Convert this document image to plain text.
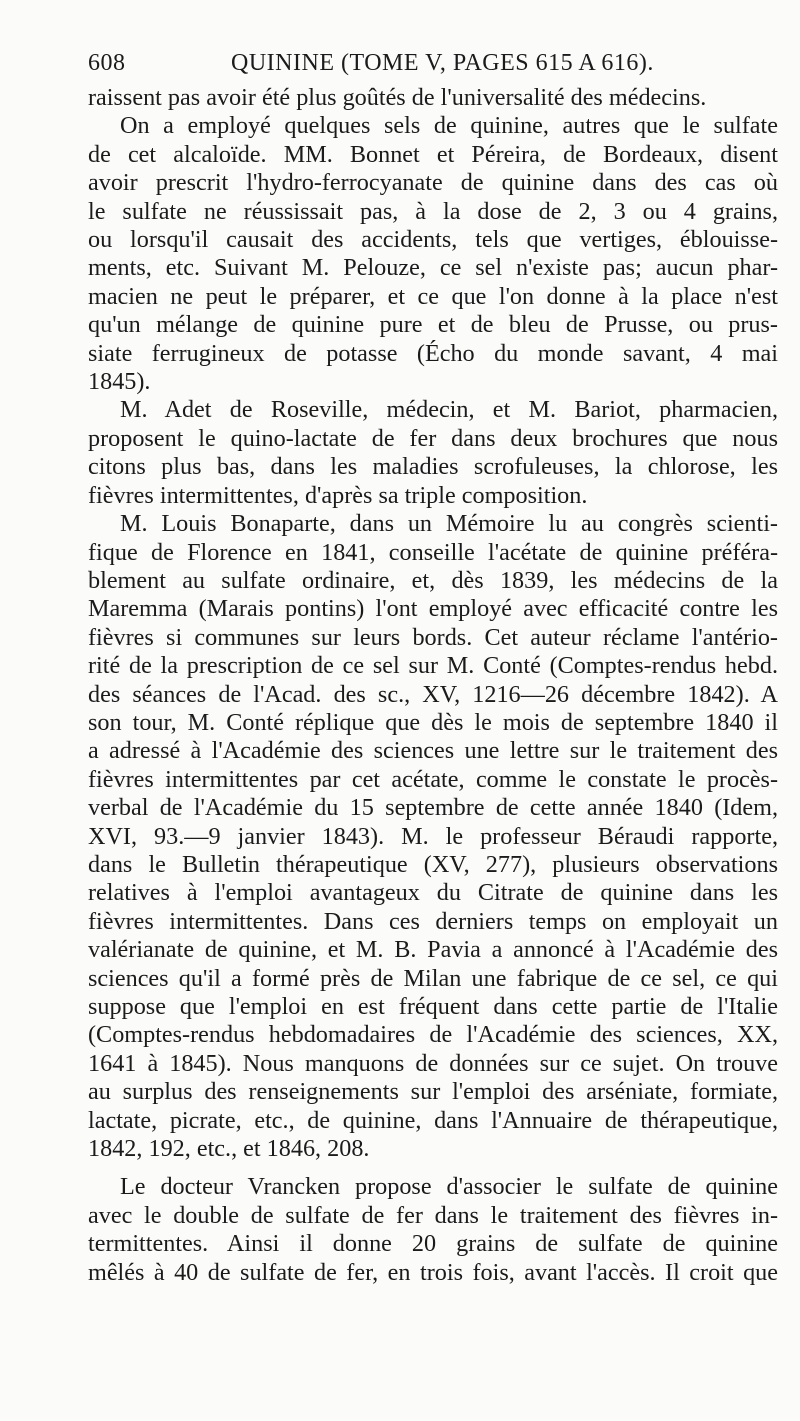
608	QUININE (TOME V, PAGES 615 A 616).

raissent pas avoir été plus goûtés de l'universalité des médecins.

On a employé quelques sels de quinine, autres que le sulfate
de cet alcaloïde. MM. Bonnet et Péreira, de Bordeaux, disent
avoir prescrit l'hydro-ferrocyanate de quinine dans des cas où
le sulfate ne réussissait pas, à la dose de 2, 3 ou 4 grains,
ou lorsqu'il causait des accidents, tels que vertiges, éblouisse-
ments, etc. Suivant M. Pelouze, ce sel n'existe pas; aucun phar-
macien ne peut le préparer, et ce que l'on donne à la place n'est
qu'un mélange de quinine pure et de bleu de Prusse, ou prus-
siate ferrugineux de potasse (Écho du monde savant, 4 mai
1845).

M. Adet de Roseville, médecin, et M. Bariot, pharmacien,
proposent le quino-lactate de fer dans deux brochures que nous
citons plus bas, dans les maladies scrofuleuses, la chlorose, les
fièvres intermittentes, d'après sa triple composition.

M. Louis Bonaparte, dans un Mémoire lu au congrès scienti-
fique de Florence en 1841, conseille l'acétate de quinine préféra-
blement au sulfate ordinaire, et, dès 1839, les médecins de la
Maremma (Marais pontins) l'ont employé avec efficacité contre les
fièvres si communes sur leurs bords. Cet auteur réclame l'antério-
rité de la prescription de ce sel sur M. Conté (Comptes-rendus hebd.
des séances de l'Acad. des sc., XV, 1216—26 décembre 1842). A
son tour, M. Conté réplique que dès le mois de septembre 1840 il
a adressé à l'Académie des sciences une lettre sur le traitement des
fièvres intermittentes par cet acétate, comme le constate le procès-
verbal de l'Académie du 15 septembre de cette année 1840 (Idem,
XVI, 93.—9 janvier 1843). M. le professeur Béraudi rapporte,
dans le Bulletin thérapeutique (XV, 277), plusieurs observations
relatives à l'emploi avantageux du Citrate de quinine dans les
fièvres intermittentes. Dans ces derniers temps on employait un
valérianate de quinine, et M. B. Pavia a annoncé à l'Académie des
sciences qu'il a formé près de Milan une fabrique de ce sel, ce qui
suppose que l'emploi en est fréquent dans cette partie de l'Italie
(Comptes-rendus hebdomadaires de l'Académie des sciences, XX,
1641 à 1845). Nous manquons de données sur ce sujet. On trouve
au surplus des renseignements sur l'emploi des arséniate, formiate,
lactate, picrate, etc., de quinine, dans l'Annuaire de thérapeutique,
1842, 192, etc., et 1846, 208.

Le docteur Vrancken propose d'associer le sulfate de quinine
avec le double de sulfate de fer dans le traitement des fièvres in-
termittentes. Ainsi il donne 20 grains de sulfate de quinine
mêlés à 40 de sulfate de fer, en trois fois, avant l'accès. Il croit que
